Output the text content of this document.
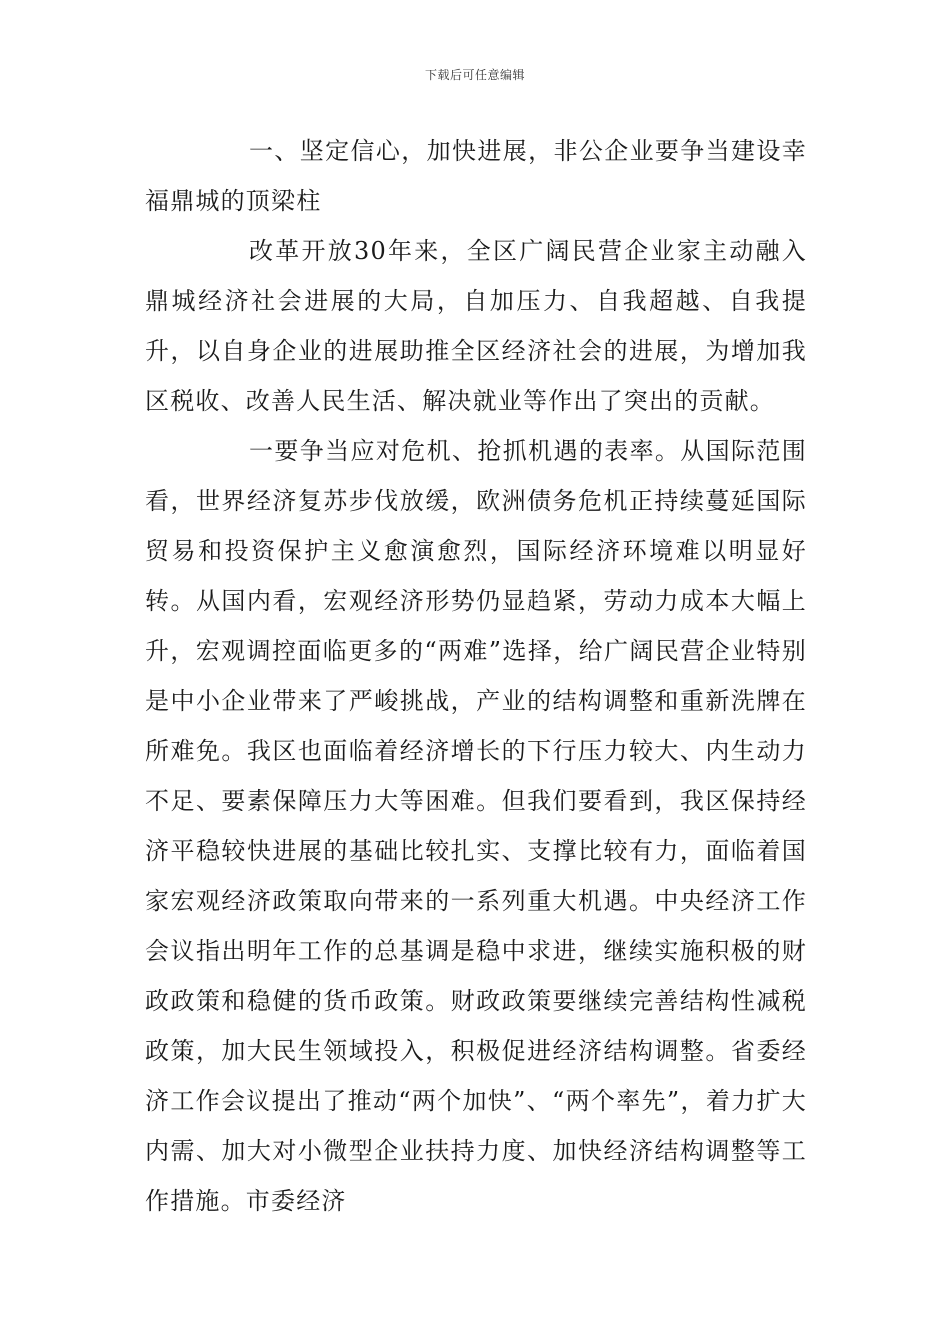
下载后可任意编辑

一、坚定信心，加快进展，非公企业要争当建设幸福鼎城的顶梁柱

改革开放30年来，全区广阔民营企业家主动融入鼎城经济社会进展的大局，自加压力、自我超越、自我提升，以自身企业的进展助推全区经济社会的进展，为增加我区税收、改善人民生活、解决就业等作出了突出的贡献。

一要争当应对危机、抢抓机遇的表率。从国际范围看，世界经济复苏步伐放缓，欧洲债务危机正持续蔓延国际贸易和投资保护主义愈演愈烈，国际经济环境难以明显好转。从国内看，宏观经济形势仍显趋紧，劳动力成本大幅上升，宏观调控面临更多的“两难”选择，给广阔民营企业特别是中小企业带来了严峻挑战，产业的结构调整和重新洗牌在所难免。我区也面临着经济增长的下行压力较大、内生动力不足、要素保障压力大等困难。但我们要看到，我区保持经济平稳较快进展的基础比较扎实、支撑比较有力，面临着国家宏观经济政策取向带来的一系列重大机遇。中央经济工作会议指出明年工作的总基调是稳中求进，继续实施积极的财政政策和稳健的货币政策。财政政策要继续完善结构性减税政策，加大民生领域投入，积极促进经济结构调整。省委经济工作会议提出了推动“两个加快”、“两个率先”，着力扩大内需、加大对小微型企业扶持力度、加快经济结构调整等工作措施。市委经济
